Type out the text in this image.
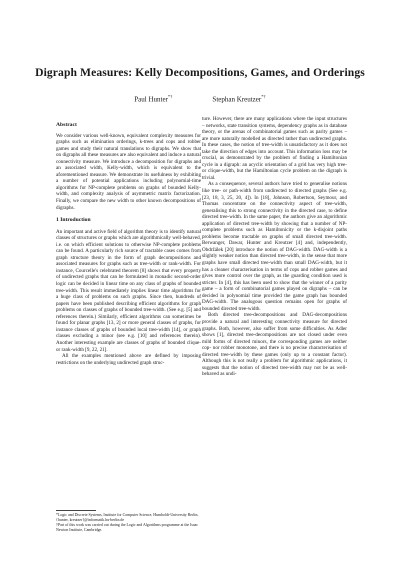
Digraph Measures: Kelly Decompositions, Games, and Orderings
Paul Hunter*†	Stephan Kreutzer*†
Abstract

We consider various well-known, equivalent complexity measures for graphs such as elimination orderings, k-trees and cops and robber games and study their natural translations to digraphs. We show that on digraphs all these measures are also equivalent and induce a natural connectivity measure. We introduce a decomposition for digraphs and an associated width, Kelly-width, which is equivalent to the aforementioned measure. We demonstrate its usefulness by exhibiting a number of potential applications including polynomial-time algorithms for NP-complete problems on graphs of bounded Kelly-width, and complexity analysis of asymmetric matrix factorization. Finally, we compare the new width to other known decompositions of digraphs.

1 Introduction

An important and active field of algorithm theory is to identify natural classes of structures or graphs which are algorithmically well-behaved, i.e. on which efficient solutions to otherwise NP-complete problems can be found. A particularly rich source of tractable cases comes from graph structure theory in the form of graph decompositions and associated measures for graphs such as tree-width or rank-width. For instance, Courcelle's celebrated theorem [8] shows that every property of undirected graphs that can be formulated in monadic second-order logic can be decided in linear time on any class of graphs of bounded tree-width. This result immediately implies linear time algorithms for a huge class of problems on such graphs. Since then, hundreds of papers have been published describing efficient algorithms for graph problems on classes of graphs of bounded tree-width. (See e.g. [5] and references therein.) Similarly, efficient algorithms can sometimes be found for planar graphs [13, 2] or more general classes of graphs, for instance classes of graphs of bounded local tree-width [14], or graph classes excluding a minor (see e.g. [10] and references therein). Another interesting example are classes of graphs of bounded clique- or rank-width [9, 22, 21].

All the examples mentioned above are defined by imposing restrictions on the underlying undirected graph struc-

ture. However, there are many applications where the input structures – networks, state transition systems, dependency graphs as in database theory, or the arenas of combinatorial games such as parity games – are more naturally modelled as directed rather than undirected graphs. In these cases, the notion of tree-width is unsatisfactory as it does not take the direction of edges into account. This information loss may be crucial, as demonstrated by the problem of finding a Hamiltonian cycle in a digraph: an acyclic orientation of a grid has very high tree- or clique-width, but the Hamiltonian cycle problem on the digraph is trivial.

As a consequence, several authors have tried to generalise notions like tree- or path-width from undirected to directed graphs (See e.g. [23, 18, 3, 25, 20, 4]). In [18], Johnson, Robertson, Seymour, and Thomas concentrate on the connectivity aspect of tree-width, generalising this to strong connectivity in the directed case, to define directed tree-width. In the same paper, the authors give an algorithmic application of directed tree-width by showing that a number of NP-complete problems such as Hamiltonicity or the k-disjoint paths problems become tractable on graphs of small directed tree-width. Berwanger, Dawar, Hunter and Kreutzer [4] and, independently, Obdržálek [20] introduce the notion of DAG-width. DAG-width is a slightly weaker notion than directed tree-width, in the sense that more graphs have small directed tree-width than small DAG-width, but it has a cleaner characterisation in terms of cops and robber games and gives more control over the graph, as the guarding condition used is stricter. In [4], this has been used to show that the winner of a parity game – a form of combinatorial games played on digraphs – can be decided in polynomial time provided the game graph has bounded DAG-width. The analogous question remains open for graphs of bounded directed tree-width.

Both directed tree-decompositions and DAG-decompositions provide a natural and interesting connectivity measure for directed graphs. Both, however, also suffer from some difficulties. As Adler shows [1], directed tree-decompositions are not closed under even mild forms of directed minors, the corresponding games are neither cop- nor robber monotone, and there is no precise characterisation of directed tree-width by these games (only up to a constant factor). Although this is not really a problem for algorithmic applications, it suggests that the notion of directed tree-width may not be as well-behaved as undi-

*Logic and Discrete Systems, Institute for Computer Science, Humboldt-University Berlin, {hunter, kreutzer}@informatik.hu-berlin.de

†Part of this work was carried out during the Logic and Algorithms programme at the Isaac Newton Institute, Cambridge.
